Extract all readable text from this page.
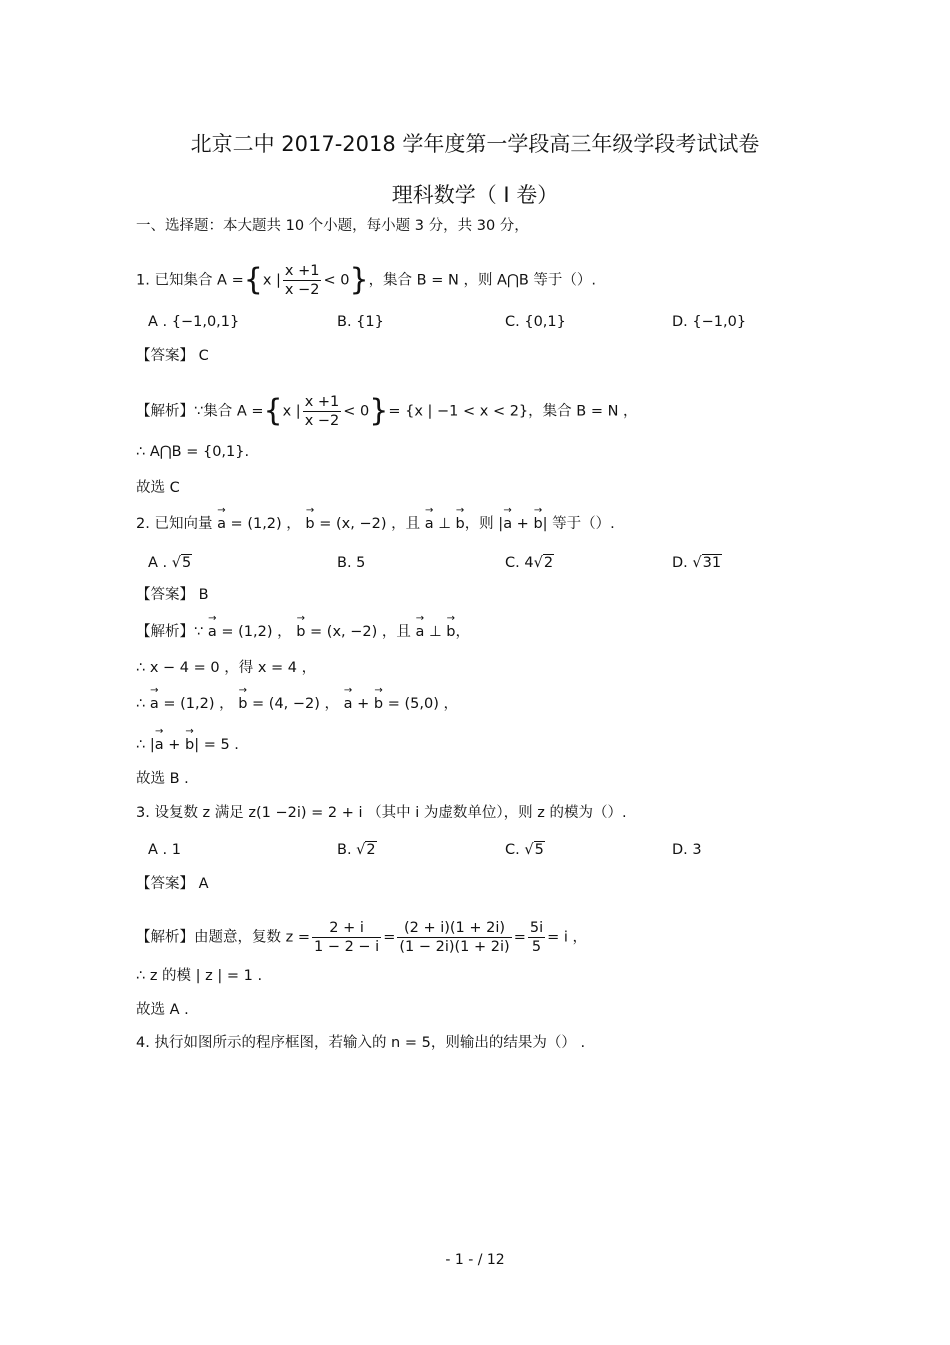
北京二中 2017-2018 学年度第一学段高三年级学段考试试卷
理科数学（ Ⅰ 卷）
一、选择题：本大题共 10 个小题，每小题 3 分，共 30 分，
1. 已知集合 A ={x | $\frac{x +1}{x -2} < 0$}，集合 B = N ，则 A⋂B 等于（）.
A . {−1,0,1}	B. {1}	C. {0,1}	D. {−1,0}
【答案】 C
【解析】∵集合 A ={x | $\frac{x +1}{x -2} < 0\}= \{x$ | −1 < x < 2}，集合 B = N ，
∴ A⋂B = {0,1}.
故选 C
2. 已知向量 → a = (1,2) ， → b = (x, −2) ，且 → a ⊥ → b，则 |→ a + → b| 等于（）.
A . √5	B. 5	C. 4√2	D. √31
【答案】 B
【解析】∵ → a = (1,2) ， → b = (x, −2) ，且 → a ⊥ → b，
∴ x − 4 = 0 ，得 x = 4 ，
∴ → a = (1,2) ， → b = (4, −2) ， → a + → b = (5,0) ，
∴ |→ a + → b| = 5 .
故选 B .
3. 设复数 z 满足 z(1 −2i) = 2 + i （其中 i 为虚数单位），则 z 的模为（）.
A . 1	B. √2	C. √5	D. 3
【答案】 A
【解析】由题意，复数 $z = \frac{2 + i}{1 - 2 - i} = \frac{(2 + i)(1 + 2i)}{(1 - 2i)(1 + 2i)} = \frac{5i}{5} = i$ ，
∴ z 的模 | z | = 1 .
故选 A .
4. 执行如图所示的程序框图，若输入的 n = 5，则输出的结果为（） .
- 1 - / 12
